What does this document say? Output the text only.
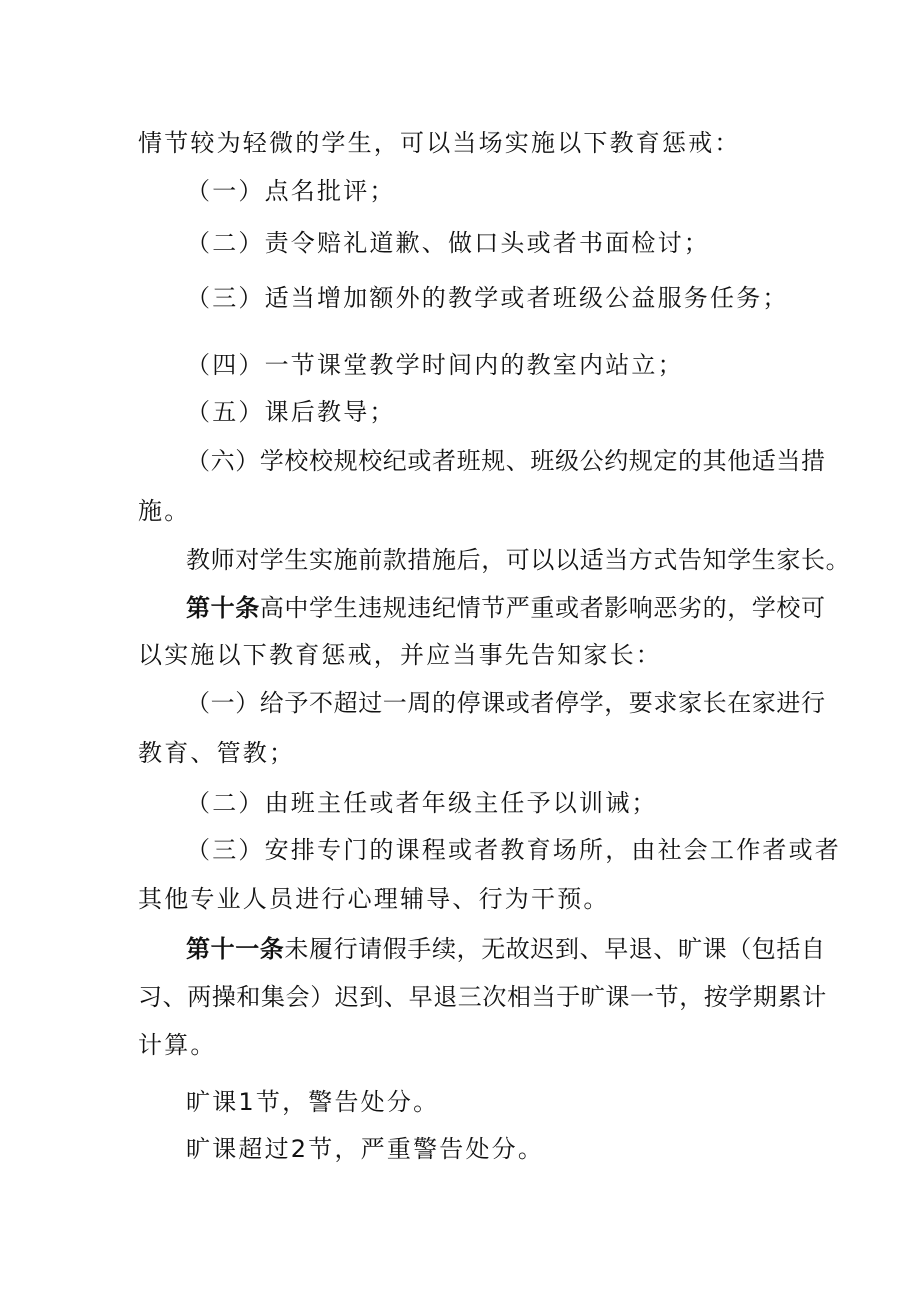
情节较为轻微的学生，可以当场实施以下教育惩戒：
（一）点名批评；
（二）责令赔礼道歉、做口头或者书面检讨；
（三）适当增加额外的教学或者班级公益服务任务；
（四）一节课堂教学时间内的教室内站立；
（五）课后教导；
（六）学校校规校纪或者班规、班级公约规定的其他适当措
施。
教师对学生实施前款措施后，可以以适当方式告知学生家长。
第十条高中学生违规违纪情节严重或者影响恶劣的，学校可
以实施以下教育惩戒，并应当事先告知家长：
（一）给予不超过一周的停课或者停学，要求家长在家进行
教育、管教；
（二）由班主任或者年级主任予以训诫；
（三）安排专门的课程或者教育场所，由社会工作者或者
其他专业人员进行心理辅导、行为干预。
第十一条未履行请假手续，无故迟到、早退、旷课（包括自
习、两操和集会）迟到、早退三次相当于旷课一节，按学期累计
计算。
旷课1节，警告处分。
旷课超过2节，严重警告处分。
